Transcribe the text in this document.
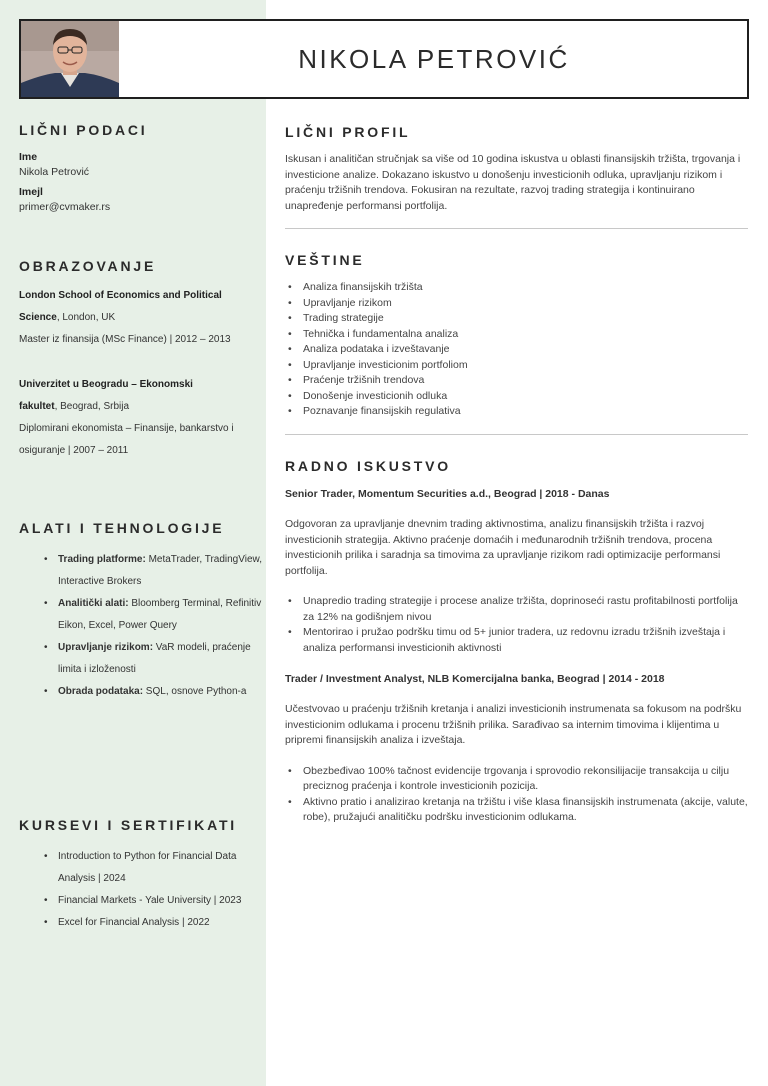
NIKOLA PETROVIĆ
LIČNI PODACI
Ime
Nikola Petrović
Imejl
primer@cvmaker.rs
OBRAZOVANJE
London School of Economics and Political Science, London, UK
Master iz finansija (MSc Finance) | 2012 – 2013
Univerzitet u Beogradu – Ekonomski fakultet, Beograd, Srbija
Diplomirani ekonomista – Finansije, bankarstvo i osiguranje | 2007 – 2011
ALATI I TEHNOLOGIJE
• Trading platforme: MetaTrader, TradingView, Interactive Brokers
• Analitički alati: Bloomberg Terminal, Refinitiv Eikon, Excel, Power Query
• Upravljanje rizikom: VaR modeli, praćenje limita i izloženosti
• Obrada podataka: SQL, osnove Python-a
KURSEVI I SERTIFIKATI
• Introduction to Python for Financial Data Analysis | 2024
• Financial Markets - Yale University | 2023
• Excel for Financial Analysis | 2022
LIČNI PROFIL

Iskusan i analitičan stručnjak sa više od 10 godina iskustva u oblasti finansijskih tržišta, trgovanja i investicione analize. Dokazano iskustvo u donošenju investicionih odluka, upravljanju rizikom i praćenju tržišnih trendova. Fokusiran na rezultate, razvoj trading strategija i kontinuirano unapređenje performansi portfolija.

VEŠTINE
• Analiza finansijskih tržišta
• Upravljanje rizikom
• Trading strategije
• Tehnička i fundamentalna analiza
• Analiza podataka i izveštavanje
• Upravljanje investicionim portfoliom
• Praćenje tržišnih trendova
• Donošenje investicionih odluka
• Poznavanje finansijskih regulativa
RADNO ISKUSTVO

Senior Trader, Momentum Securities a.d., Beograd | 2018 - Danas

Odgovoran za upravljanje dnevnim trading aktivnostima, analizu finansijskih tržišta i razvoj investicionih strategija. Aktivno praćenje domaćih i međunarodnih tržišnih trendova, procena investicionih prilika i saradnja sa timovima za upravljanje rizikom radi optimizacije performansi portfolija.

• Unapredio trading strategije i procese analize tržišta, doprinoseći rastu profitabilnosti portfolija za 12% na godišnjem nivou
• Mentorirao i pružao podršku timu od 5+ junior tradera, uz redovnu izradu tržišnih izveštaja i analiza performansi investicionih aktivnosti

Trader / Investment Analyst, NLB Komercijalna banka, Beograd | 2014 - 2018

Učestvovao u praćenju tržišnih kretanja i analizi investicionih instrumenata sa fokusom na podršku investicionim odlukama i procenu tržišnih prilika. Sarađivao sa internim timovima i klijentima u pripremi finansijskih analiza i izveštaja.

• Obezbeđivao 100% tačnost evidencije trgovanja i sprovodio rekonsilijacije transakcija u cilju preciznog praćenja i kontrole investicionih pozicija.
• Aktivno pratio i analizirao kretanja na tržištu i više klasa finansijskih instrumenata (akcije, valute, robe), pružajući analitičku podršku investicionim odlukama.
